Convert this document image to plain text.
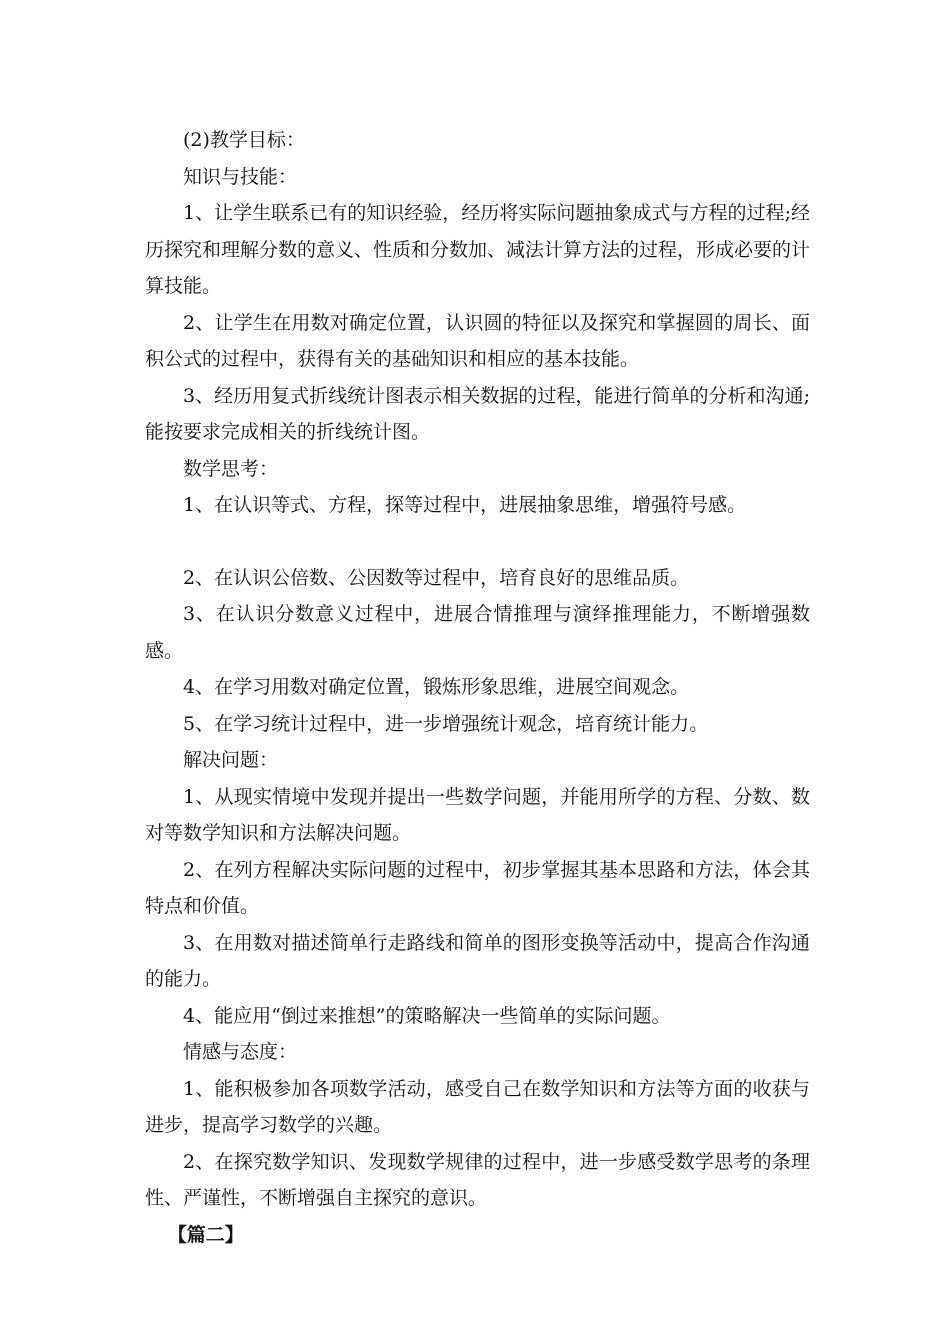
(2)教学目标：

知识与技能：

1、让学生联系已有的知识经验，经历将实际问题抽象成式与方程的过程;经历探究和理解分数的意义、性质和分数加、减法计算方法的过程，形成必要的计算技能。

2、让学生在用数对确定位置，认识圆的特征以及探究和掌握圆的周长、面积公式的过程中，获得有关的基础知识和相应的基本技能。

3、经历用复式折线统计图表示相关数据的过程，能进行简单的分析和沟通;能按要求完成相关的折线统计图。

数学思考：

1、在认识等式、方程，探等过程中，进展抽象思维，增强符号感。

2、在认识公倍数、公因数等过程中，培育良好的思维品质。

3、在认识分数意义过程中，进展合情推理与演绎推理能力，不断增强数感。

4、在学习用数对确定位置，锻炼形象思维，进展空间观念。

5、在学习统计过程中，进一步增强统计观念，培育统计能力。

解决问题：

1、从现实情境中发现并提出一些数学问题，并能用所学的方程、分数、数对等数学知识和方法解决问题。

2、在列方程解决实际问题的过程中，初步掌握其基本思路和方法，体会其特点和价值。

3、在用数对描述简单行走路线和简单的图形变换等活动中，提高合作沟通的能力。

4、能应用“倒过来推想”的策略解决一些简单的实际问题。

情感与态度：

1、能积极参加各项数学活动，感受自己在数学知识和方法等方面的收获与进步，提高学习数学的兴趣。

2、在探究数学知识、发现数学规律的过程中，进一步感受数学思考的条理性、严谨性，不断增强自主探究的意识。

【篇二】
